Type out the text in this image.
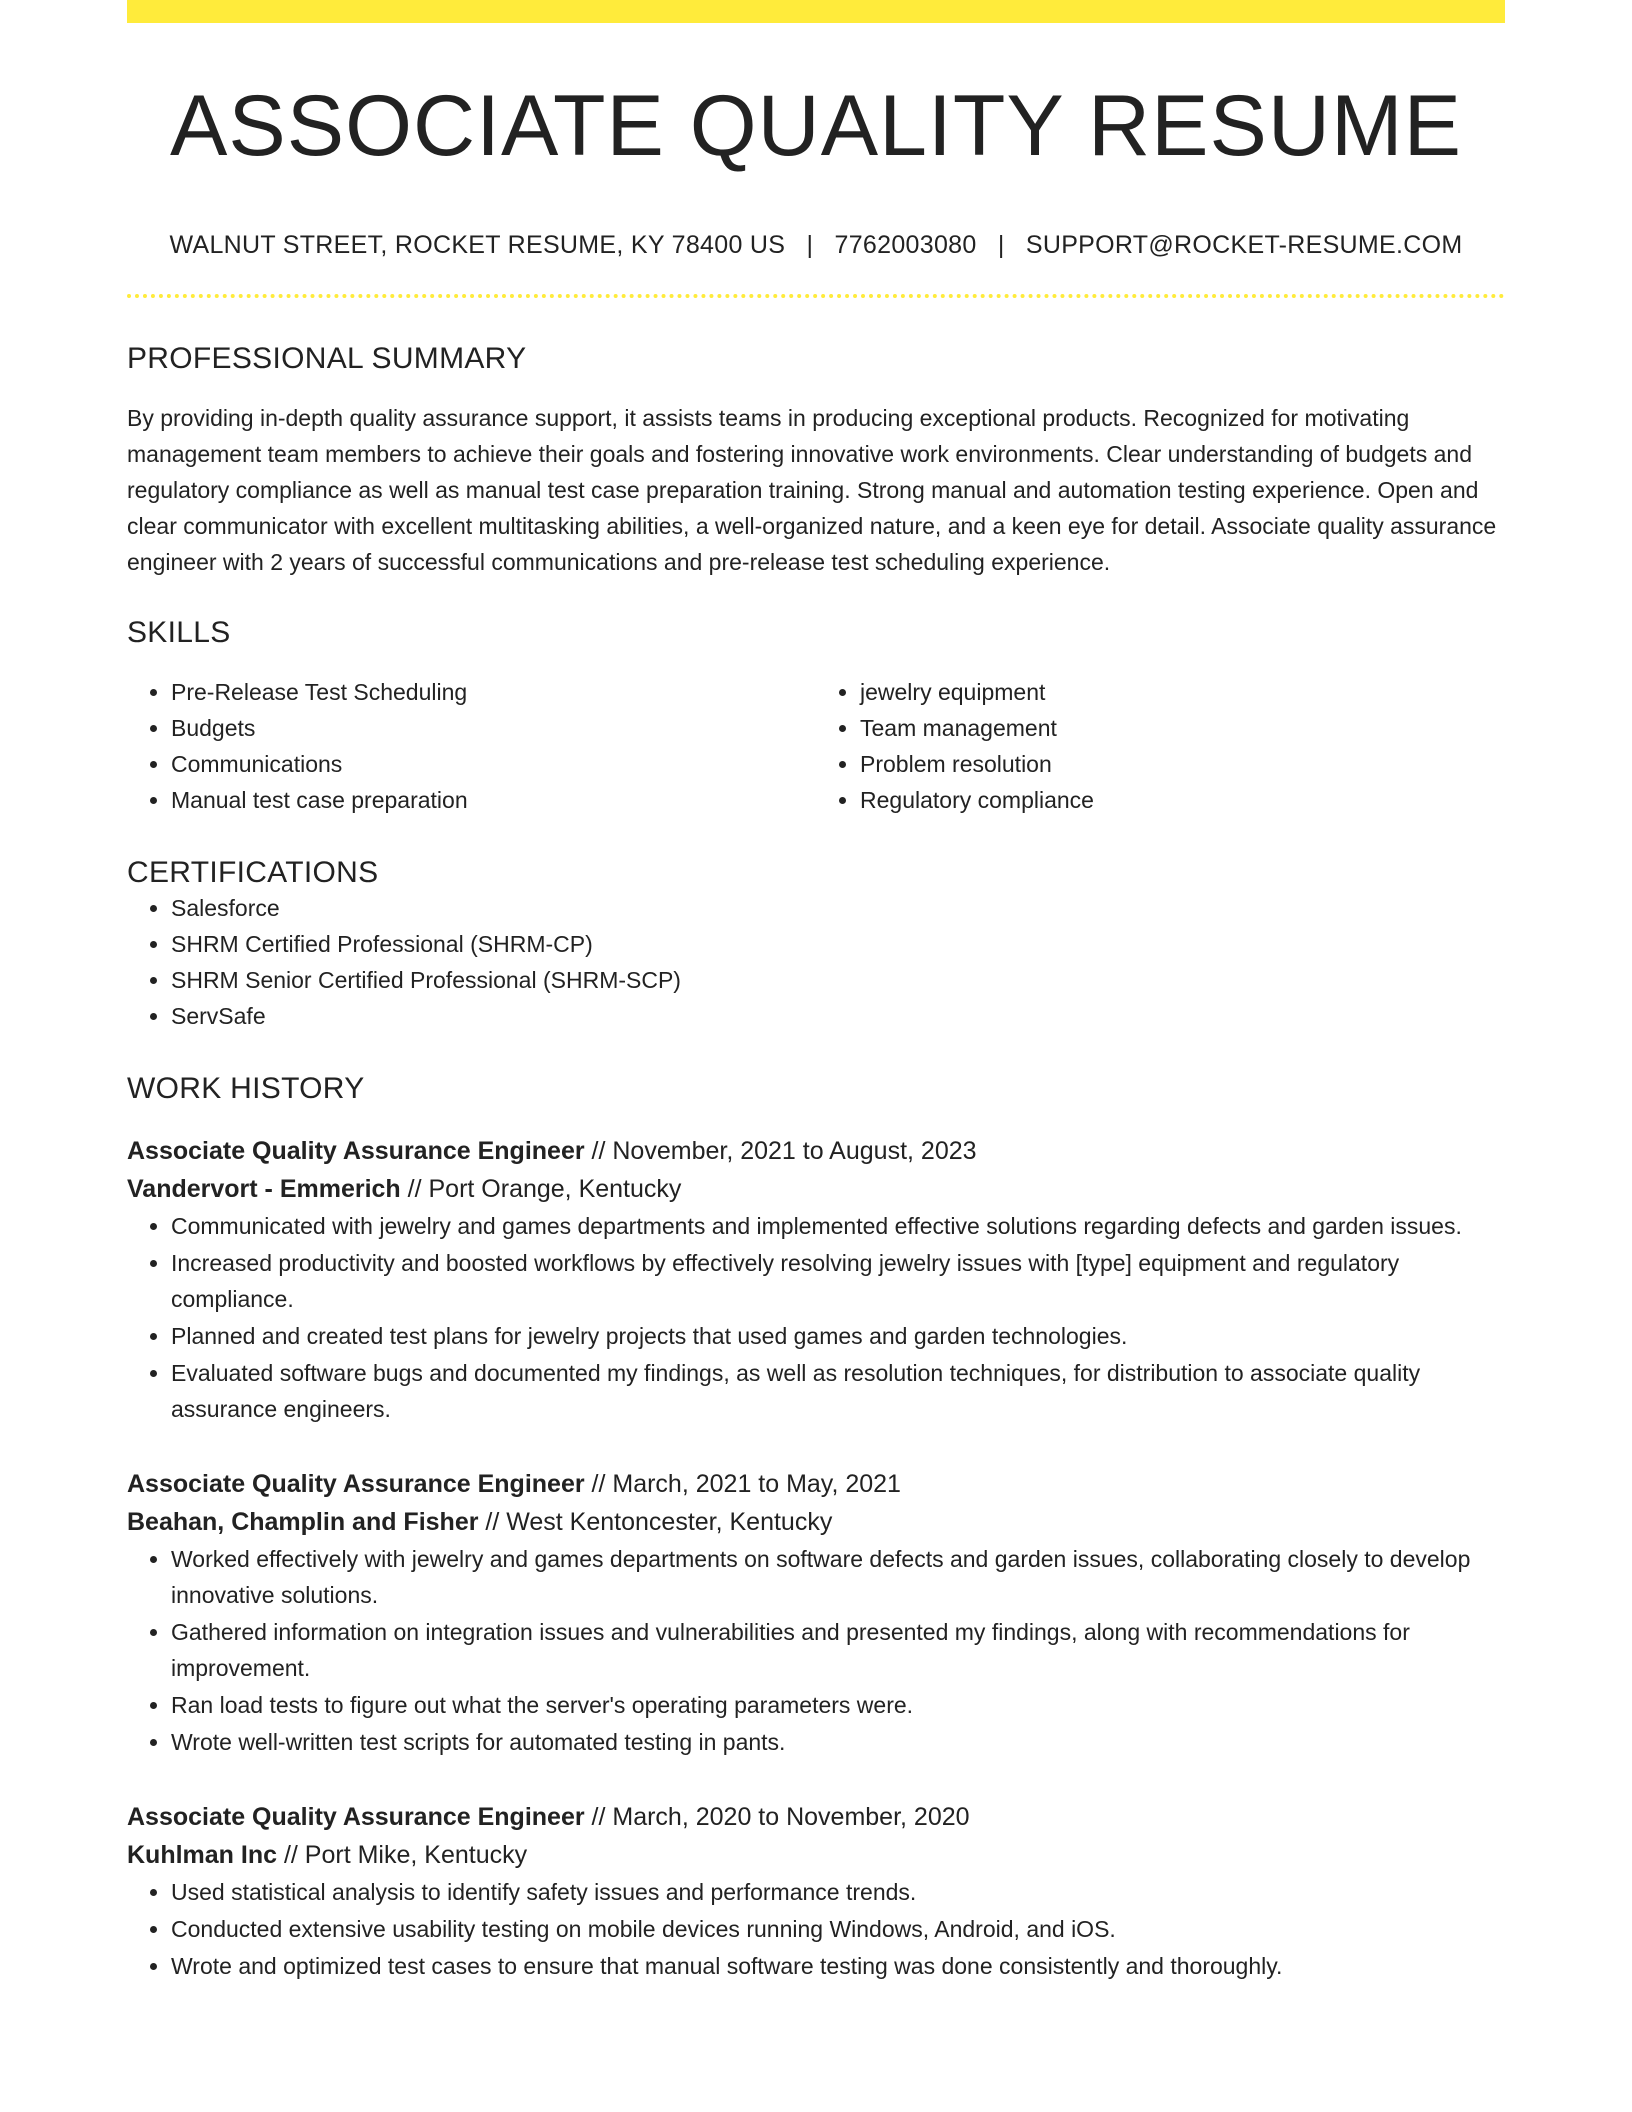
ASSOCIATE QUALITY RESUME
WALNUT STREET, ROCKET RESUME, KY 78400 US | 7762003080 | SUPPORT@ROCKET-RESUME.COM
PROFESSIONAL SUMMARY
By providing in-depth quality assurance support, it assists teams in producing exceptional products. Recognized for motivating management team members to achieve their goals and fostering innovative work environments. Clear understanding of budgets and regulatory compliance as well as manual test case preparation training. Strong manual and automation testing experience. Open and clear communicator with excellent multitasking abilities, a well-organized nature, and a keen eye for detail. Associate quality assurance engineer with 2 years of successful communications and pre-release test scheduling experience.
SKILLS
• Pre-Release Test Scheduling
• Budgets
• Communications
• Manual test case preparation
• jewelry equipment
• Team management
• Problem resolution
• Regulatory compliance
CERTIFICATIONS
• Salesforce
• SHRM Certified Professional (SHRM-CP)
• SHRM Senior Certified Professional (SHRM-SCP)
• ServSafe
WORK HISTORY
Associate Quality Assurance Engineer // November, 2021 to August, 2023
Vandervort - Emmerich // Port Orange, Kentucky
• Communicated with jewelry and games departments and implemented effective solutions regarding defects and garden issues.
• Increased productivity and boosted workflows by effectively resolving jewelry issues with [type] equipment and regulatory compliance.
• Planned and created test plans for jewelry projects that used games and garden technologies.
• Evaluated software bugs and documented my findings, as well as resolution techniques, for distribution to associate quality assurance engineers.
Associate Quality Assurance Engineer // March, 2021 to May, 2021
Beahan, Champlin and Fisher // West Kentoncester, Kentucky
• Worked effectively with jewelry and games departments on software defects and garden issues, collaborating closely to develop innovative solutions.
• Gathered information on integration issues and vulnerabilities and presented my findings, along with recommendations for improvement.
• Ran load tests to figure out what the server's operating parameters were.
• Wrote well-written test scripts for automated testing in pants.
Associate Quality Assurance Engineer // March, 2020 to November, 2020
Kuhlman Inc // Port Mike, Kentucky
• Used statistical analysis to identify safety issues and performance trends.
• Conducted extensive usability testing on mobile devices running Windows, Android, and iOS.
• Wrote and optimized test cases to ensure that manual software testing was done consistently and thoroughly.
